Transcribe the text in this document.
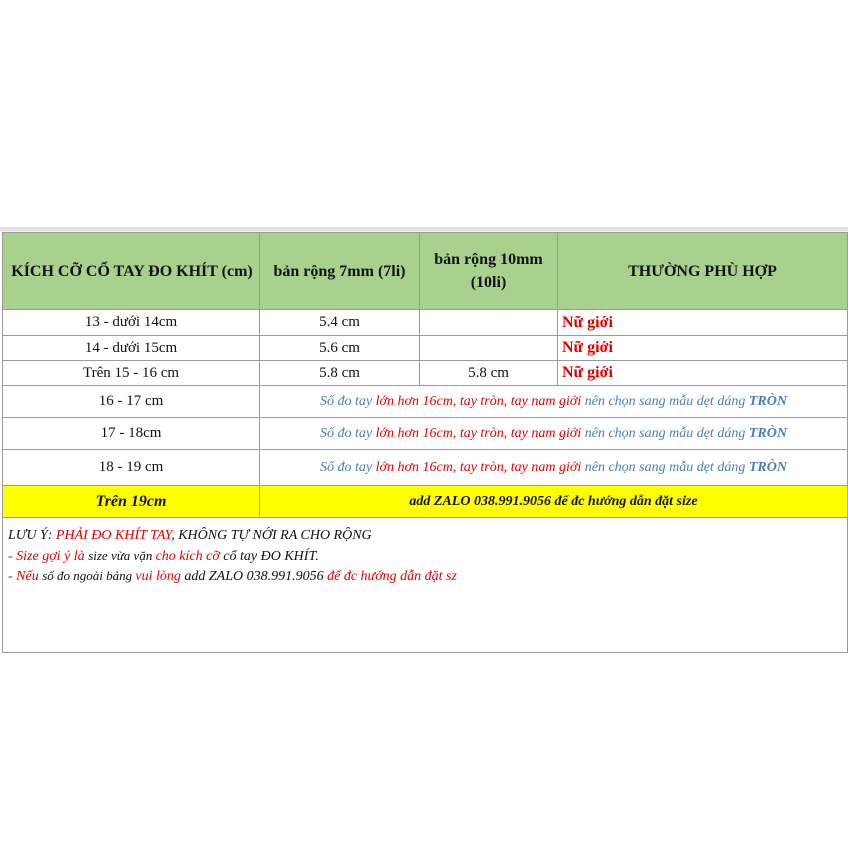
KÍCH CỠ CỔ TAY ĐO KHÍT (cm)	bản rộng 7mm (7li)	bản rộng 10mm (10li)	THƯỜNG PHÙ HỢP
13 - dưới 14cm	5.4 cm		Nữ giới
14 - dưới 15cm	5.6 cm		Nữ giới
Trên 15 - 16 cm	5.8 cm	5.8 cm	Nữ giới
16 - 17 cm	Số đo tay lớn hơn 16cm, tay tròn, tay nam giới nên chọn sang mẫu dẹt dáng TRÒN		
17 - 18cm	Số đo tay lớn hơn 16cm, tay tròn, tay nam giới nên chọn sang mẫu dẹt dáng TRÒN		
18 - 19 cm	Số đo tay lớn hơn 16cm, tay tròn, tay nam giới nên chọn sang mẫu dẹt dáng TRÒN		
Trên 19cm	add ZALO 038.991.9056 để đc hướng dẫn đặt size		

LƯU Ý: PHẢI ĐO KHÍT TAY, KHÔNG TỰ NỚI RA CHO RỘNG
- Size gợi ý là size vừa vặn cho kích cỡ cổ tay ĐO KHÍT.
- Nếu số đo ngoài bảng vui lòng add ZALO 038.991.9056 để đc hướng dẫn đặt sz			
